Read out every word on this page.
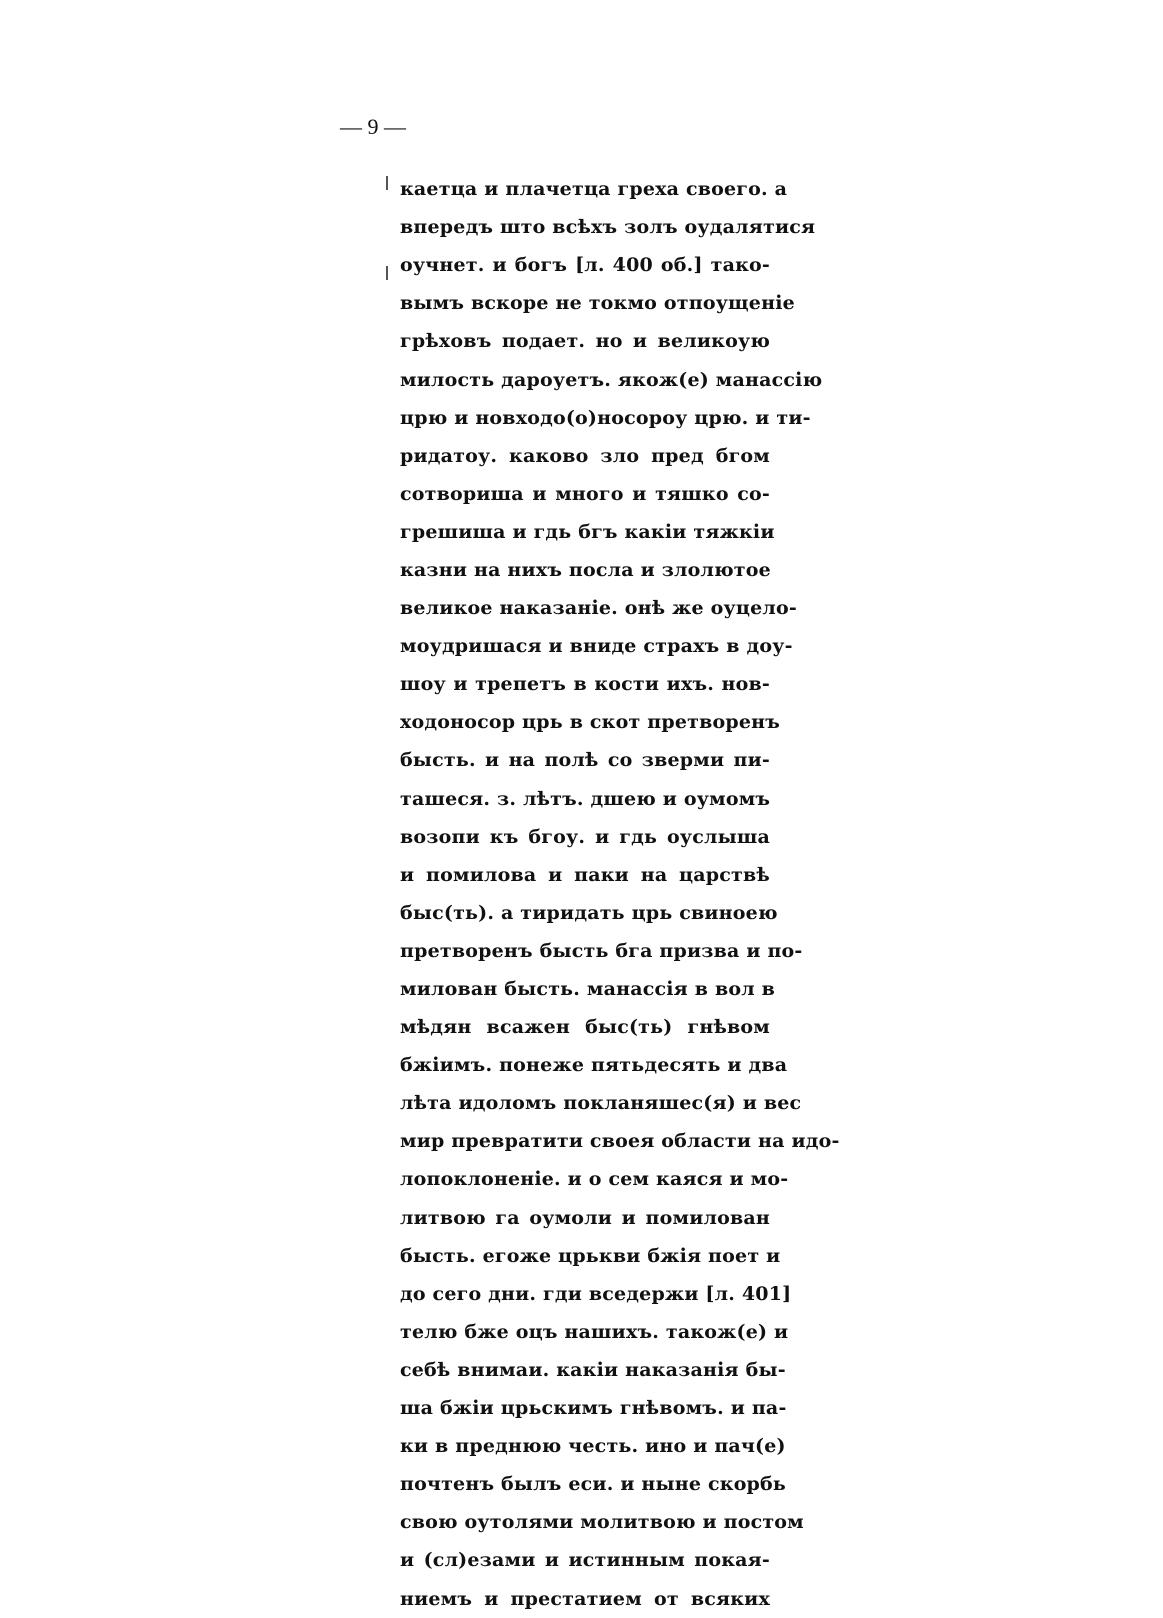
— 9 —
каетца и плачетца греха своего. а
впередъ што всѣхъ золъ оудалятися
оучнет. и богъ [л. 400 об.] тако-
вымъ вскоре не токмо отпоущеніе
грѣховъ подает. но и великоую
милость дароуетъ. якож(е) манассію
црю и новходо(о)носороу црю. и ти-
ридатоу. каково зло пред бгом
сотвориша и много и тяшко со-
грешиша и гдь бгъ какіи тяжкіи
казни на нихъ посла и злолютое
великое наказаніе. онѣ же оуцело-
моудришася и вниде страхъ в доу-
шоу и трепетъ в кости ихъ. нов-
ходоносор црь в скот претворенъ
бысть. и на полѣ со зверми пи-
ташеся. з. лѣтъ. дшею и оумомъ
возопи къ бгоу. и гдь оуслыша
и помилова и паки на царствѣ
быс(ть). а тиридать црь свиноею
претворенъ бысть бга призва и по-
милован бысть. манассія в вол в
мѣдян всажен быс(ть) гнѣвом
бжіимъ. понеже пятьдесять и два
лѣта идоломъ покланяшес(я) и вес
мир превратити своея области на идо-
лопоклоненіе. и о сем каяся и мо-
литвою га оумоли и помилован
бысть. егоже црькви бжія поет и
до сего дни. гди вседержи [л. 401]
телю бже оцъ нашихъ. також(е) и
себѣ внимаи. какіи наказанія бы-
ша бжіи црьскимъ гнѣвомъ. и па-
ки в преднюю честь. ино и пач(е)
почтенъ былъ еси. и ныне скорбь
свою оутолями молитвою и постом
и (сл)езами и истинным покая-
ниемъ и престатием от всяких
